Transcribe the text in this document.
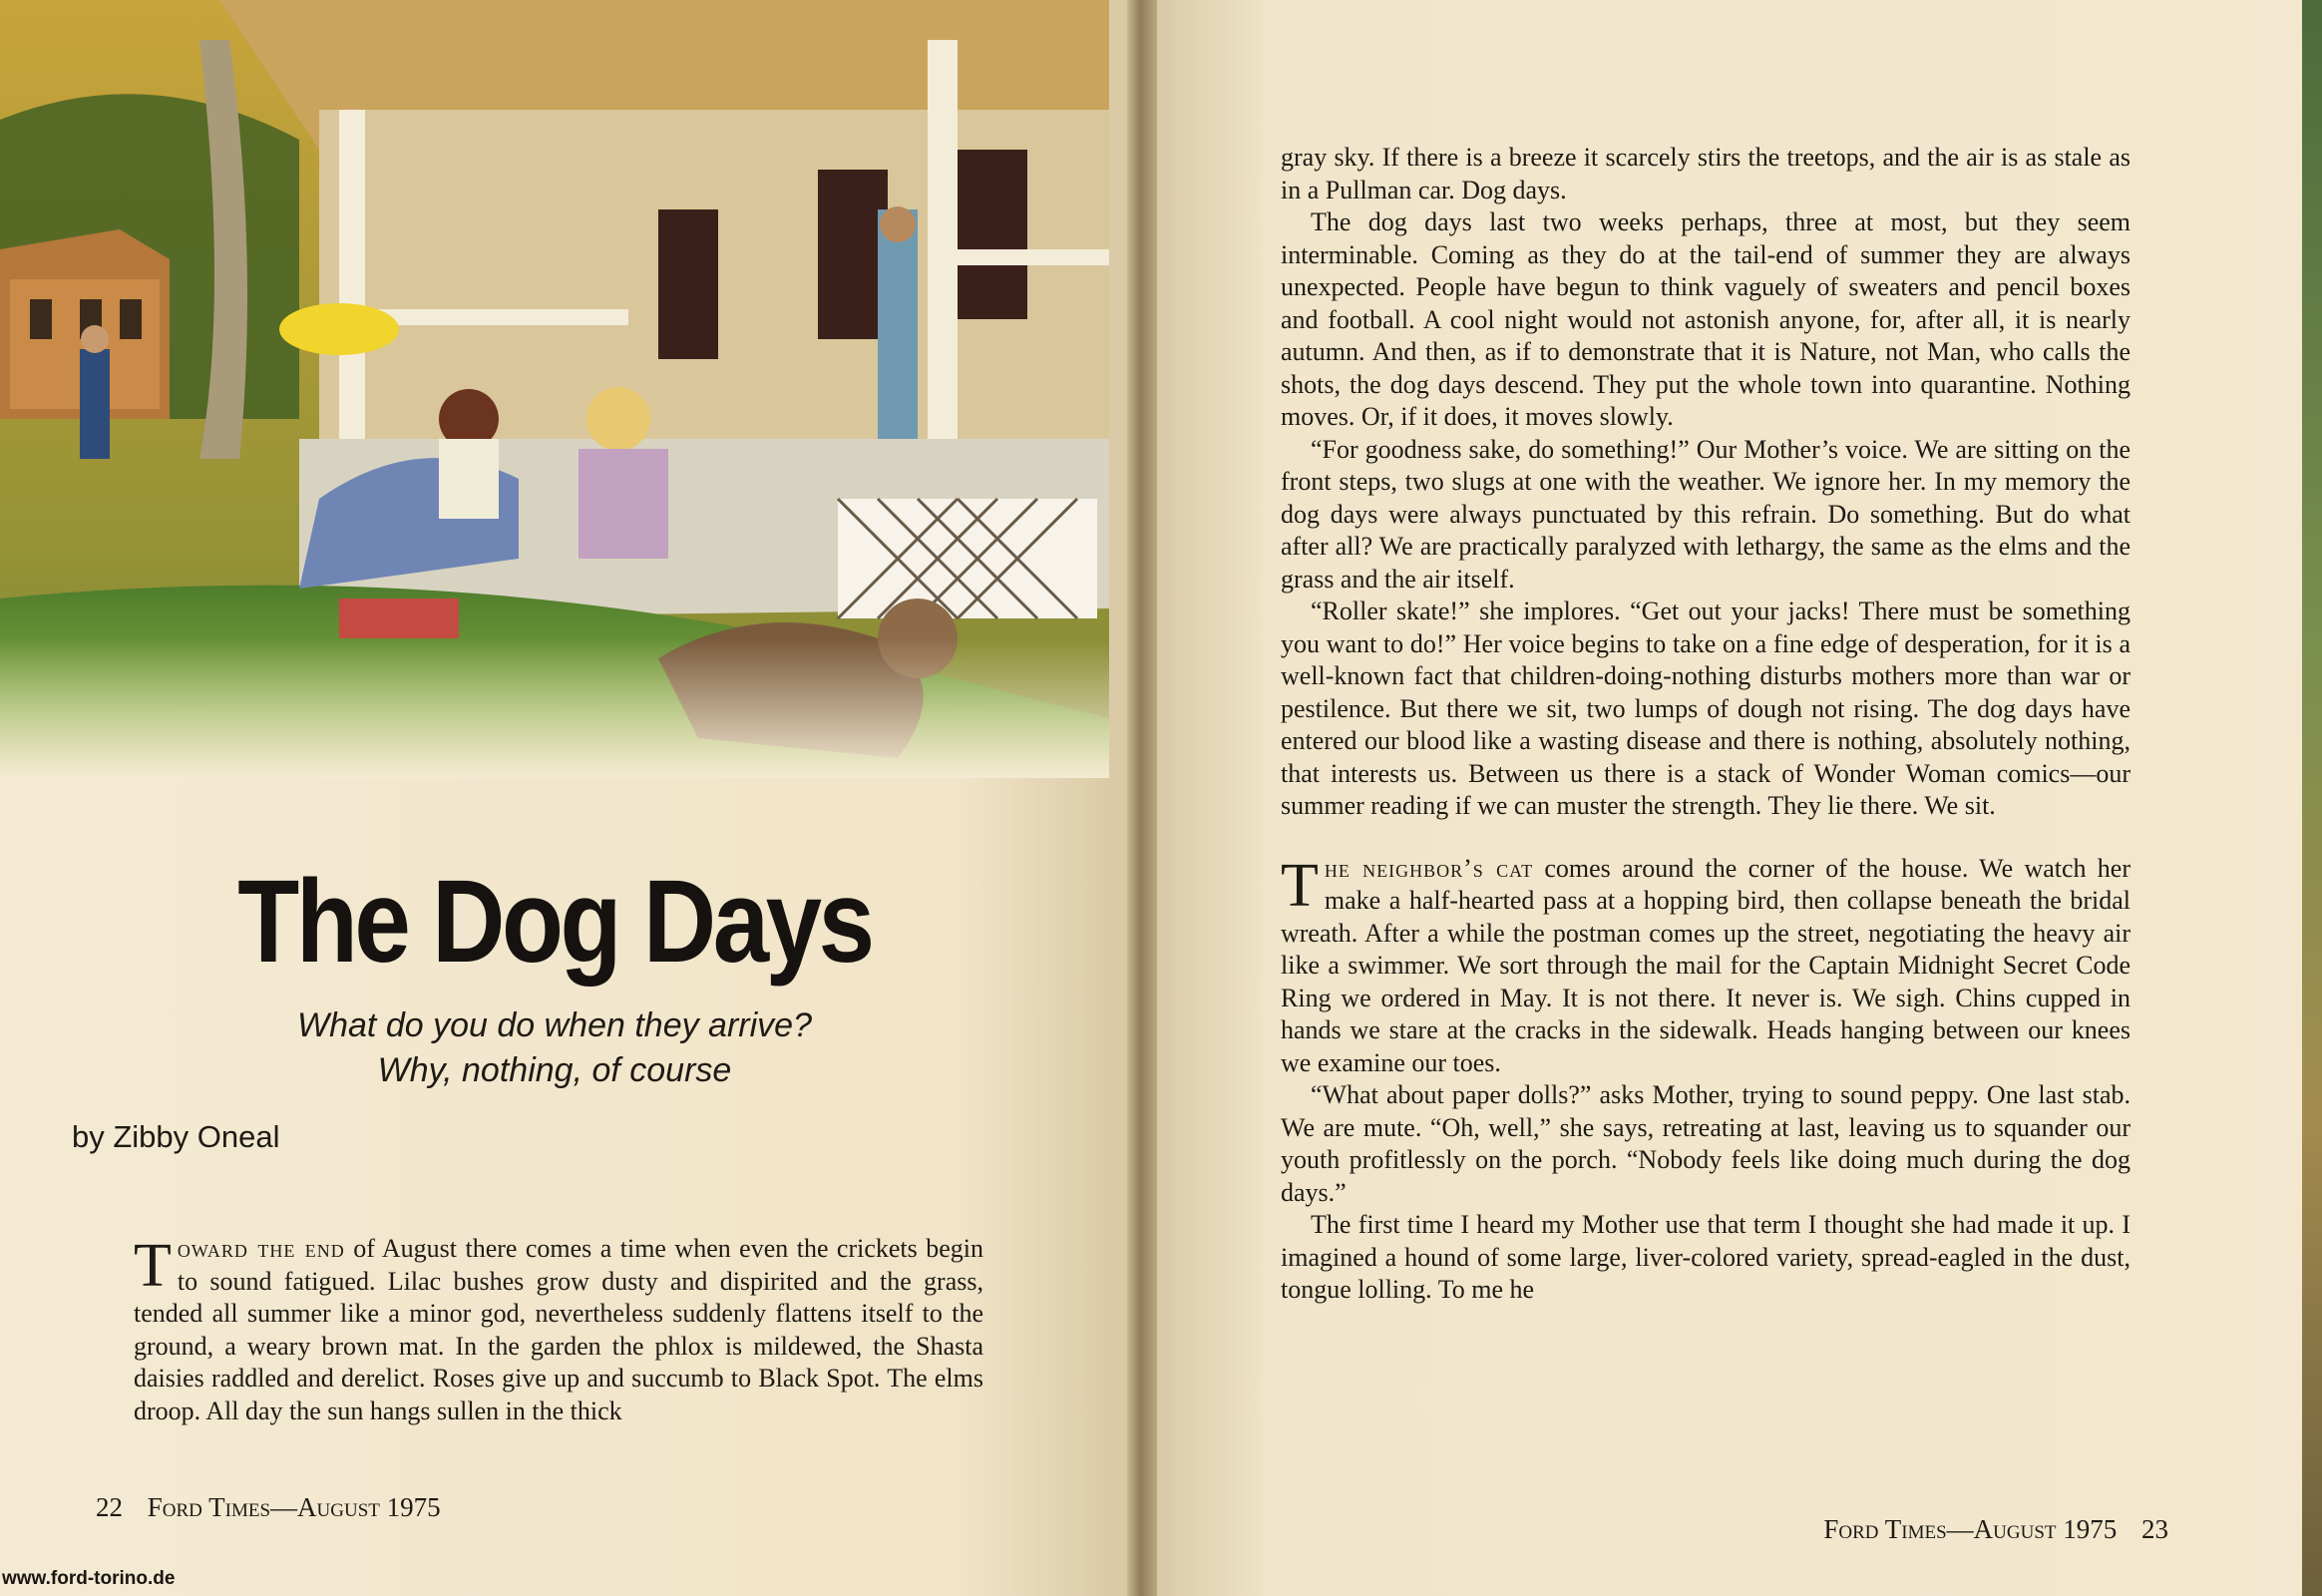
The Dog Days
What do you do when they arrive?
Why, nothing, of course
by Zibby Oneal

Toward the end of August there comes a time when even the crickets begin to sound fatigued. Lilac bushes grow dusty and dispirited and the grass, tended all summer like a minor god, nevertheless suddenly flattens itself to the ground, a weary brown mat. In the garden the phlox is mildewed, the Shasta daisies raddled and derelict. Roses give up and succumb to Black Spot. The elms droop. All day the sun hangs sullen in the thick

22 Ford Times—August 1975
www.ford-torino.de

gray sky. If there is a breeze it scarcely stirs the treetops, and the air is as stale as in a Pullman car. Dog days.

The dog days last two weeks perhaps, three at most, but they seem interminable. Coming as they do at the tail-end of summer they are always unexpected. People have begun to think vaguely of sweaters and pencil boxes and football. A cool night would not astonish anyone, for, after all, it is nearly autumn. And then, as if to demonstrate that it is Nature, not Man, who calls the shots, the dog days descend. They put the whole town into quarantine. Nothing moves. Or, if it does, it moves slowly.

“For goodness sake, do something!” Our Mother’s voice. We are sitting on the front steps, two slugs at one with the weather. We ignore her. In my memory the dog days were always punctuated by this refrain. Do something. But do what after all? We are practically paralyzed with lethargy, the same as the elms and the grass and the air itself.

“Roller skate!” she implores. “Get out your jacks! There must be something you want to do!” Her voice begins to take on a fine edge of desperation, for it is a well-known fact that children-doing-nothing disturbs mothers more than war or pestilence. But there we sit, two lumps of dough not rising. The dog days have entered our blood like a wasting disease and there is nothing, absolutely nothing, that interests us. Between us there is a stack of Wonder Woman comics—our summer reading if we can muster the strength. They lie there. We sit.

The neighbor’s cat comes around the corner of the house. We watch her make a half-hearted pass at a hopping bird, then collapse beneath the bridal wreath. After a while the postman comes up the street, negotiating the heavy air like a swimmer. We sort through the mail for the Captain Midnight Secret Code Ring we ordered in May. It is not there. It never is. We sigh. Chins cupped in hands we stare at the cracks in the sidewalk. Heads hanging between our knees we examine our toes.

“What about paper dolls?” asks Mother, trying to sound peppy. One last stab. We are mute. “Oh, well,” she says, retreating at last, leaving us to squander our youth profitlessly on the porch. “Nobody feels like doing much during the dog days.”

The first time I heard my Mother use that term I thought she had made it up. I imagined a hound of some large, liver-colored variety, spread-eagled in the dust, tongue lolling. To me he

Ford Times—August 1975 23
